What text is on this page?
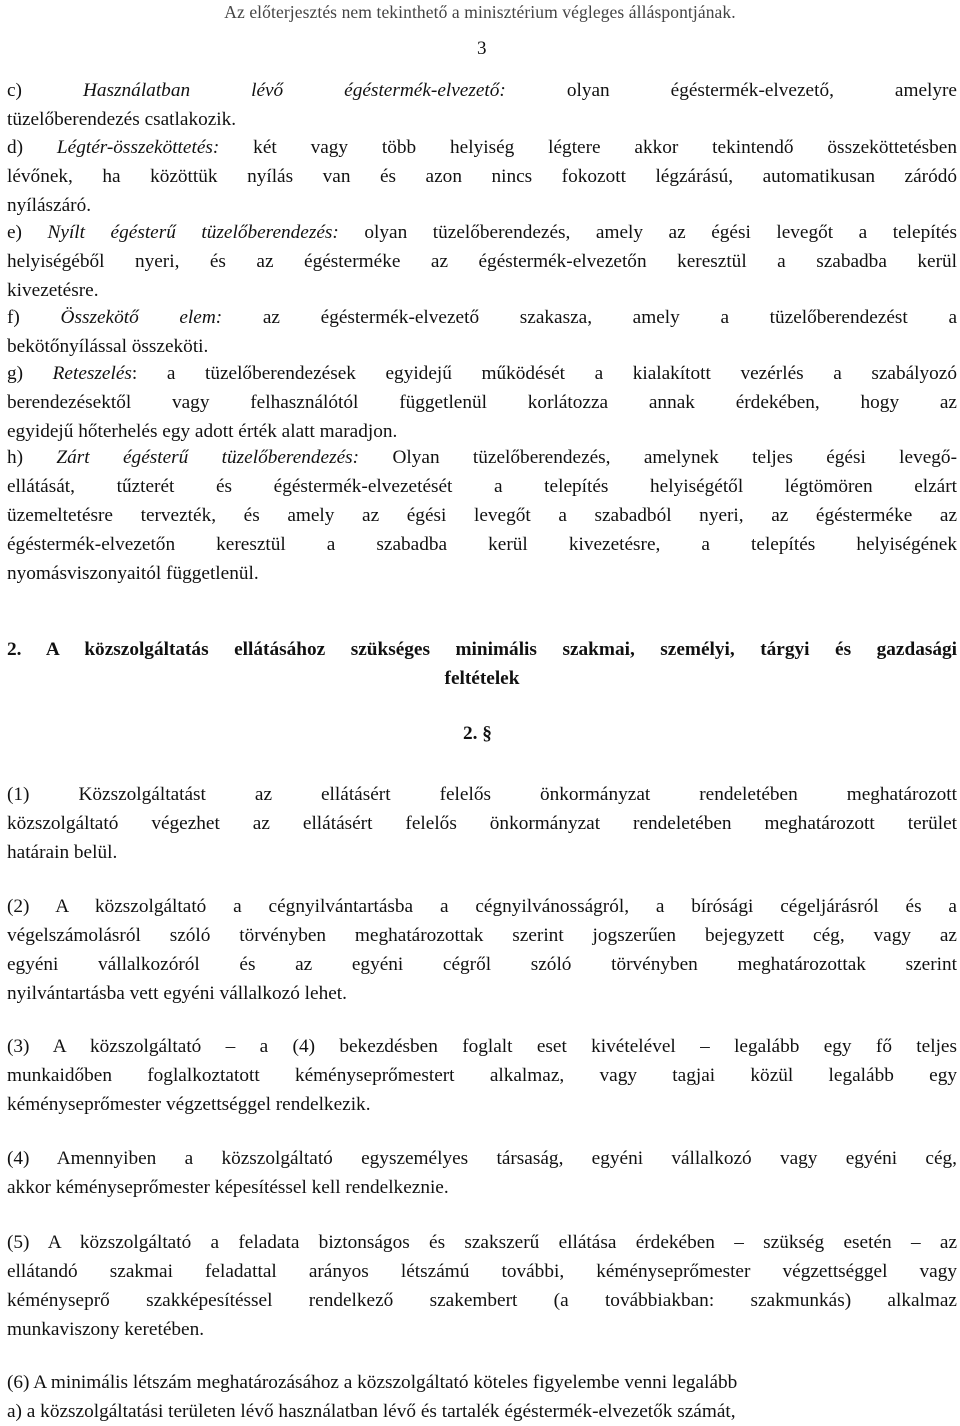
Az előterjesztés nem tekinthető a minisztérium végleges álláspontjának.
3
c)	Használatban lévő égéstermék-elvezető: olyan égéstermék-elvezető, amelyre
tüzelőberendezés csatlakozik.
d) Légtér-összeköttetés: két vagy több helyiség légtere akkor tekintendő összeköttetésben
lévőnek, ha közöttük nyílás van és azon nincs fokozott légzárású, automatikusan záródó
nyílászáró.
e) Nyílt égésterű tüzelőberendezés: olyan tüzelőberendezés, amely az égési levegőt a telepítés
helyiségéből nyeri, és az égésterméke az égéstermék-elvezetőn keresztül a szabadba kerül
kivezetésre.
f) Összekötő elem: az égéstermék-elvezető szakasza, amely a tüzelőberendezést a
bekötőnyílással összeköti.
g) Reteszelés: a tüzelőberendezések egyidejű működését a kialakított vezérlés a szabályozó
berendezésektől vagy felhasználótól függetlenül korlátozza annak érdekében, hogy az
egyidejű hőterhelés egy adott érték alatt maradjon.
h) Zárt égésterű tüzelőberendezés: Olyan tüzelőberendezés, amelynek teljes égési levegő-
ellátását, tűzterét és égéstermék-elvezetését a telepítés helyiségétől légtömören elzárt
üzemeltetésre tervezték, és amely az égési levegőt a szabadból nyeri, az égésterméke az
égéstermék-elvezetőn keresztül a szabadba kerül kivezetésre, a telepítés helyiségének
nyomásviszonyaitól függetlenül.
2. A közszolgáltatás ellátásához szükséges minimális szakmai, személyi, tárgyi és gazdasági
feltételek
2. §
(1) Közszolgáltatást az ellátásért felelős önkormányzat rendeletében meghatározott
közszolgáltató végezhet az ellátásért felelős önkormányzat rendeletében meghatározott terület
határain belül.
(2) A közszolgáltató a cégnyilvántartásba a cégnyilvánosságról, a bírósági cégeljárásról és a
végelszámolásról szóló törvényben meghatározottak szerint jogszerűen bejegyzett cég, vagy az
egyéni vállalkozóról és az egyéni cégről szóló törvényben meghatározottak szerint
nyilvántartásba vett egyéni vállalkozó lehet.
(3) A közszolgáltató – a (4) bekezdésben foglalt eset kivételével – legalább egy fő teljes
munkaidőben foglalkoztatott kéményseprőmestert alkalmaz, vagy tagjai közül legalább egy
kéményseprőmester végzettséggel rendelkezik.
(4) Amennyiben a közszolgáltató egyszemélyes társaság, egyéni vállalkozó vagy egyéni cég,
akkor kéményseprőmester képesítéssel kell rendelkeznie.
(5) A közszolgáltató a feladata biztonságos és szakszerű ellátása érdekében – szükség esetén – az
ellátandó szakmai feladattal arányos létszámú további, kéményseprőmester végzettséggel vagy
kéményseprő szakképesítéssel rendelkező szakembert (a továbbiakban: szakmunkás) alkalmaz
munkaviszony keretében.
(6) A minimális létszám meghatározásához a közszolgáltató köteles figyelembe venni legalább
a) a közszolgáltatási területen lévő használatban lévő és tartalék égéstermék-elvezetők számát,
